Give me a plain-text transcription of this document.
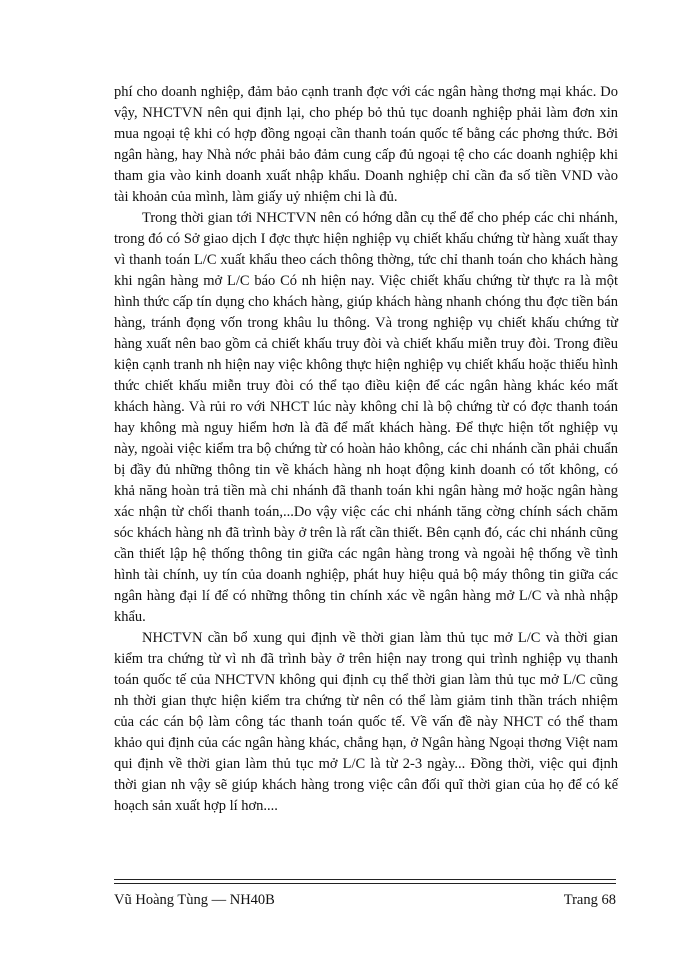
phí cho doanh nghiệp, đảm bảo cạnh tranh đợc với các ngân hàng thơng mại khác. Do vậy, NHCTVN nên qui định lại, cho phép bỏ thủ tục doanh nghiệp phải làm đơn xin mua ngoại tệ khi có hợp đồng ngoại cần thanh toán quốc tế bằng các phơng thức. Bởi ngân hàng, hay Nhà nớc phải bảo đảm cung cấp đủ ngoại tệ cho các doanh nghiệp khi tham gia vào kinh doanh xuất nhập khẩu. Doanh nghiệp chỉ cần đa số tiền VND vào tài khoản của mình, làm giấy uỷ nhiệm chi là đủ.

Trong thời gian tới NHCTVN nên có hớng dẫn cụ thể để cho phép các chi nhánh, trong đó có Sở giao dịch I đợc thực hiện nghiệp vụ chiết khấu chứng từ hàng xuất thay vì thanh toán L/C xuất khẩu theo cách thông thờng, tức chỉ thanh toán cho khách hàng khi ngân hàng mở L/C báo Có nh hiện nay. Việc chiết khấu chứng từ thực ra là một hình thức cấp tín dụng cho khách hàng, giúp khách hàng nhanh chóng thu đợc tiền bán hàng, tránh đọng vốn trong khâu lu thông. Và trong nghiệp vụ chiết khấu chứng từ hàng xuất nên bao gồm cả chiết khấu truy đòi và chiết khấu miễn truy đòi. Trong điều kiện cạnh tranh nh hiện nay việc không thực hiện nghiệp vụ chiết khấu hoặc thiếu hình thức chiết khấu miễn truy đòi có thể tạo điều kiện để các ngân hàng khác kéo mất khách hàng. Và rủi ro với NHCT lúc này không chỉ là bộ chứng từ có đợc thanh toán hay không mà nguy hiểm hơn là đã để mất khách hàng. Để thực hiện tốt nghiệp vụ này, ngoài việc kiểm tra bộ chứng từ có hoàn hảo không, các chi nhánh cần phải chuẩn bị đầy đủ những thông tin về khách hàng nh hoạt động kinh doanh có tốt không, có khả năng hoàn trả tiền mà chi nhánh đã thanh toán khi ngân hàng mở hoặc ngân hàng xác nhận từ chối thanh toán,...Do vậy việc các chi nhánh tăng cờng chính sách chăm sóc khách hàng nh đã trình bày ở trên là rất cần thiết. Bên cạnh đó, các chi nhánh cũng cần thiết lập hệ thống thông tin giữa các ngân hàng trong và ngoài hệ thống về tình hình tài chính, uy tín của doanh nghiệp, phát huy hiệu quả bộ máy thông tin giữa các ngân hàng đại lí để có những thông tin chính xác về ngân hàng mở L/C và nhà nhập khẩu.

NHCTVN cần bổ xung qui định về thời gian làm thủ tục mở L/C và thời gian kiểm tra chứng từ vì nh đã trình bày ở trên hiện nay trong qui trình nghiệp vụ thanh toán quốc tế của NHCTVN không qui định cụ thể thời gian làm thủ tục mở L/C cũng nh thời gian thực hiện kiểm tra chứng từ nên có thể làm giảm tinh thần trách nhiệm của các cán bộ làm công tác thanh toán quốc tế. Về vấn đề này NHCT có thể tham khảo qui định của các ngân hàng khác, chẳng hạn, ở Ngân hàng Ngoại thơng Việt nam qui định về thời gian làm thủ tục mở L/C là từ 2-3 ngày... Đồng thời, việc qui định thời gian nh vậy sẽ giúp khách hàng trong việc cân đối quĩ thời gian của họ để có kế hoạch sản xuất hợp lí hơn....

Vũ Hoàng Tùng — NH40B	Trang 68
